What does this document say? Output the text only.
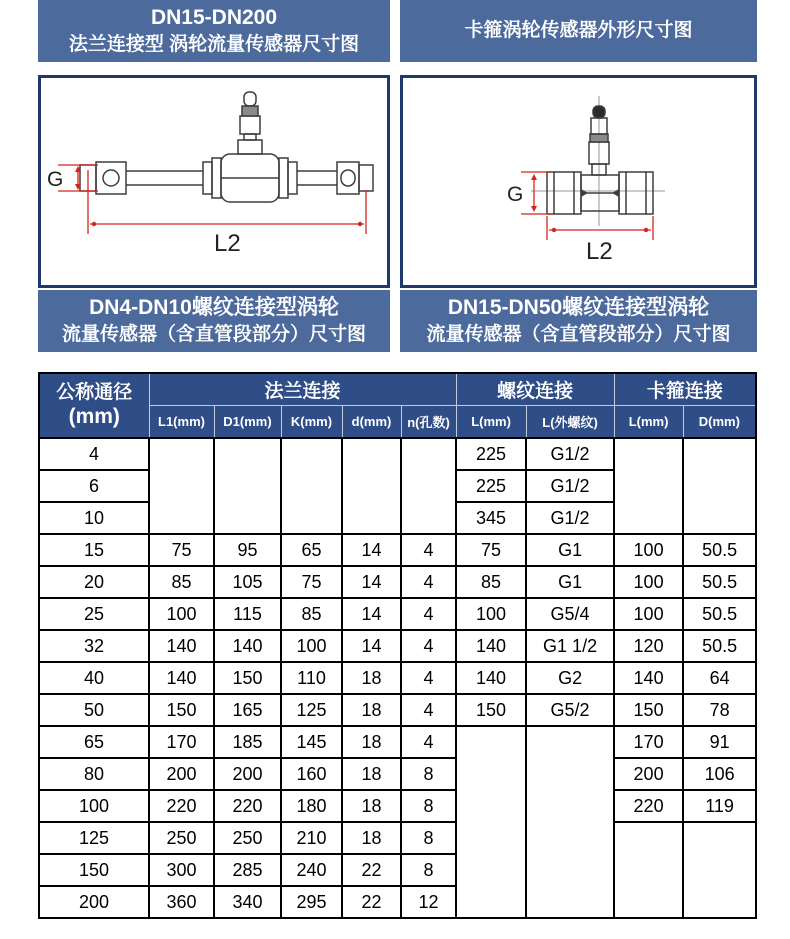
DN15-DN200
法兰连接型 涡轮流量传感器尺寸图
卡箍涡轮传感器外形尺寸图
G
L2
G
L2
DN4-DN10螺纹连接型涡轮
流量传感器（含直管段部分）尺寸图
DN15-DN50螺纹连接型涡轮
流量传感器（含直管段部分）尺寸图
公称通径
(mm)	法兰连接					螺纹连接		卡箍连接	
	L1(mm)	D1(mm)	K(mm)	d(mm)	n(孔数)	L(mm)	L(外螺纹)	L(mm)	D(mm)
4						225	G1/2		
6						225	G1/2		
10						345	G1/2		
15	75	95	65	14	4	75	G1	100	50.5
20	85	105	75	14	4	85	G1	100	50.5
25	100	115	85	14	4	100	G5/4	100	50.5
32	140	140	100	14	4	140	G1 1/2	120	50.5
40	140	150	110	18	4	140	G2	140	64
50	150	165	125	18	4	150	G5/2	150	78
65	170	185	145	18	4			170	91
80	200	200	160	18	8			200	106
100	220	220	180	18	8			220	119
125	250	250	210	18	8				
150	300	285	240	22	8				
200	360	340	295	22	12				
